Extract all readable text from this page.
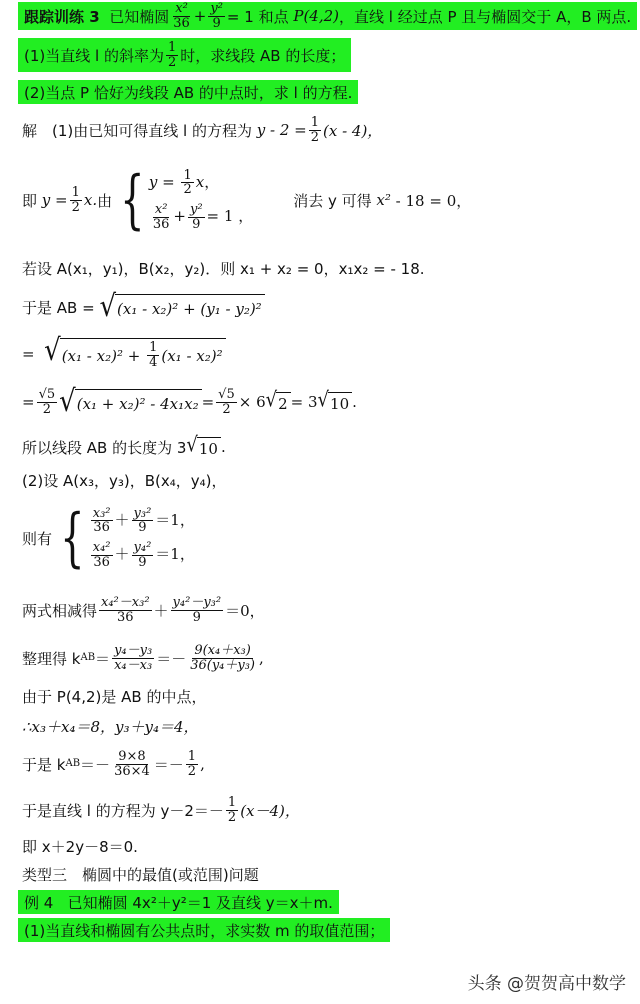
跟踪训练 3
已知椭圆 $\frac{\text{x²}}{36} + \frac{\text{y²}}{9} = 1$ 和点
P(4,2) ，直线 l 经过点 P 且与椭圆交于 A，B 两点.
(1)当直线 l 的斜率为 $\frac{1}{2}$ 时，求线段 AB 的长度；
(2)当点 P 恰好为线段 AB 的中点时，求 l 的方程.
解　(1)由已知可得直线 l 的方程为
$y - 2 = \frac{1}{2} (x - 4)$，
即
$y = \frac{1}{2} x$. 由 { $y = \frac{1}{2}$ x，
$\frac{\text{x²}}{36} + \frac{\text{y²}}{9} = 1$ ，
消去 y 可得
x²
- 18 = 0，
若设 A(x₁，y₁)，B(x₂，y₂)．则 x₁ + x₂ = 0，x₁x₂ = - 18.
于是 AB =
√ (x₁ - x₂)² + (y₁ - y₂)²
= √ (x₁ - x₂)² +
$\frac{1}{4} (x_1 - x_2)^2$
= $\frac{√5}{2}$ √ $(x_1 + x_2)^2 - 4x_1x_2 = \frac{√5}{2} \times 6$ √ 2 = 3 √ 10 .
所以线段 AB 的长度为 3 √ 10 .
(2)设 A(x₃，y₃)，B(x₄，y₄)，
则有 { $\frac{\text{x₃²}}{36} + \frac{\text{y₃²}}{9} =1$，
$\frac{\text{x₄²}}{36} + \frac{\text{y₄²}}{9} =1$，
两式相减得 $\frac{\text{x₄²－x₃²}}{36} + \frac{\text{y₄²－y₃²}}{9} =0$，
整理得 k AB ＝ $\frac{\text{y₄－y₃}}{\text{x₄－x₃}} =- \frac{\text{9(x₄＋x₃)}}{\text{36(y₄＋y₃)}}$ ,
由于 P(4,2)是 AB 的中点，
∴x₃＋x₄＝8，y₃＋y₄＝4，
于是 k AB ＝－ $\frac{9\times 8}{36\times 4} =- \frac{1}{2}$ ,
于是直线 l 的方程为 $y-2=- \frac{1}{2} (x-4)$，
即 x＋2y－8＝0.
类型三　椭圆中的最值(或范围)问题
例 4
已知椭圆 4x²＋y²＝1 及直线 y＝x＋m.
(1)当直线和椭圆有公共点时，求实数 m 的取值范围；
头条 @贺贺高中数学
